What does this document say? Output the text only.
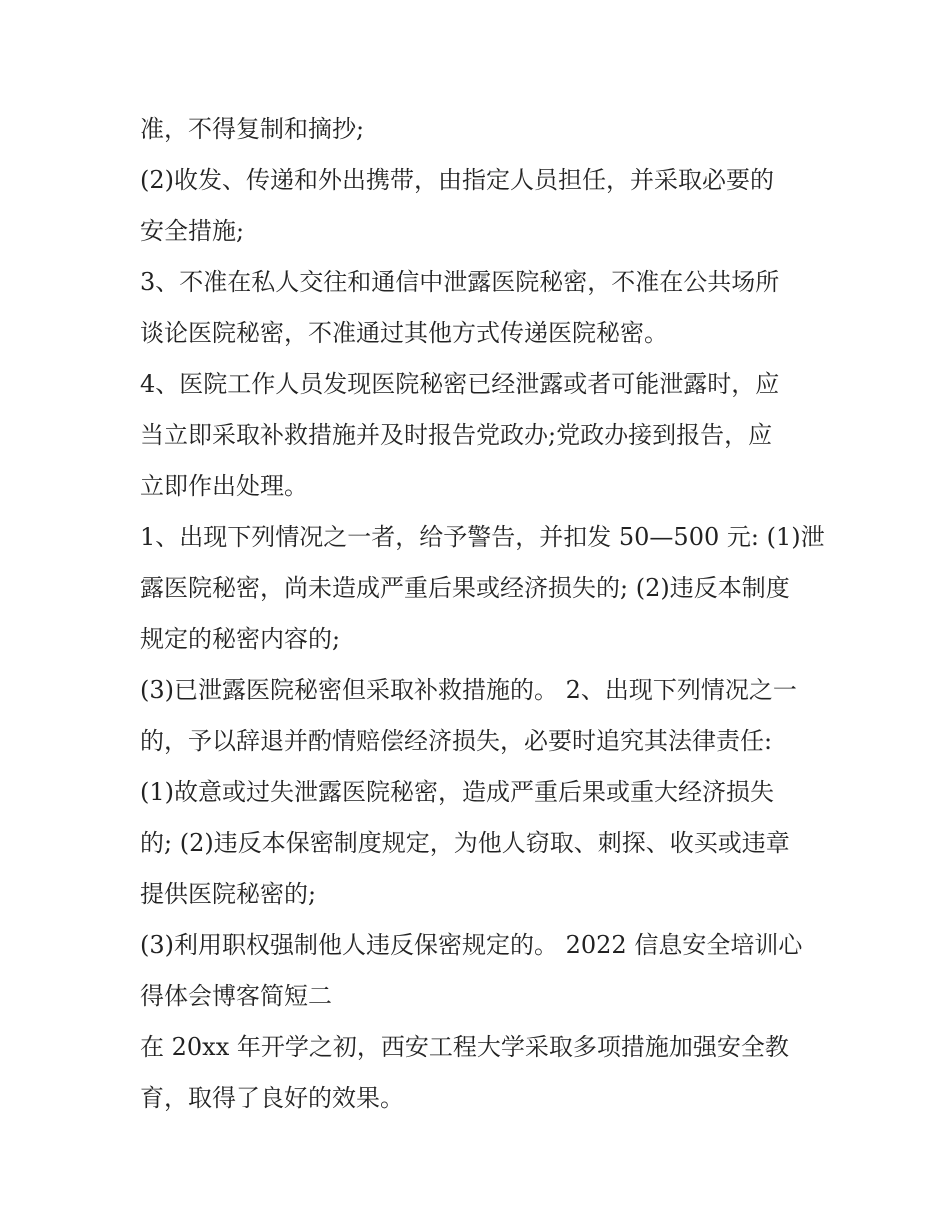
准，不得复制和摘抄;
(2)收发、传递和外出携带，由指定人员担任，并采取必要的
安全措施;
3、不准在私人交往和通信中泄露医院秘密，不准在公共场所
谈论医院秘密，不准通过其他方式传递医院秘密。
4、医院工作人员发现医院秘密已经泄露或者可能泄露时，应
当立即采取补救措施并及时报告党政办;党政办接到报告，应
立即作出处理。
1、出现下列情况之一者，给予警告，并扣发 50—500 元: (1)泄
露医院秘密，尚未造成严重后果或经济损失的; (2)违反本制度
规定的秘密内容的;
(3)已泄露医院秘密但采取补救措施的。 2、出现下列情况之一
的，予以辞退并酌情赔偿经济损失，必要时追究其法律责任:
(1)故意或过失泄露医院秘密，造成严重后果或重大经济损失
的; (2)违反本保密制度规定，为他人窃取、刺探、收买或违章
提供医院秘密的;
(3)利用职权强制他人违反保密规定的。 2022 信息安全培训心
得体会博客简短二
在 20xx 年开学之初，西安工程大学采取多项措施加强安全教
育，取得了良好的效果。
